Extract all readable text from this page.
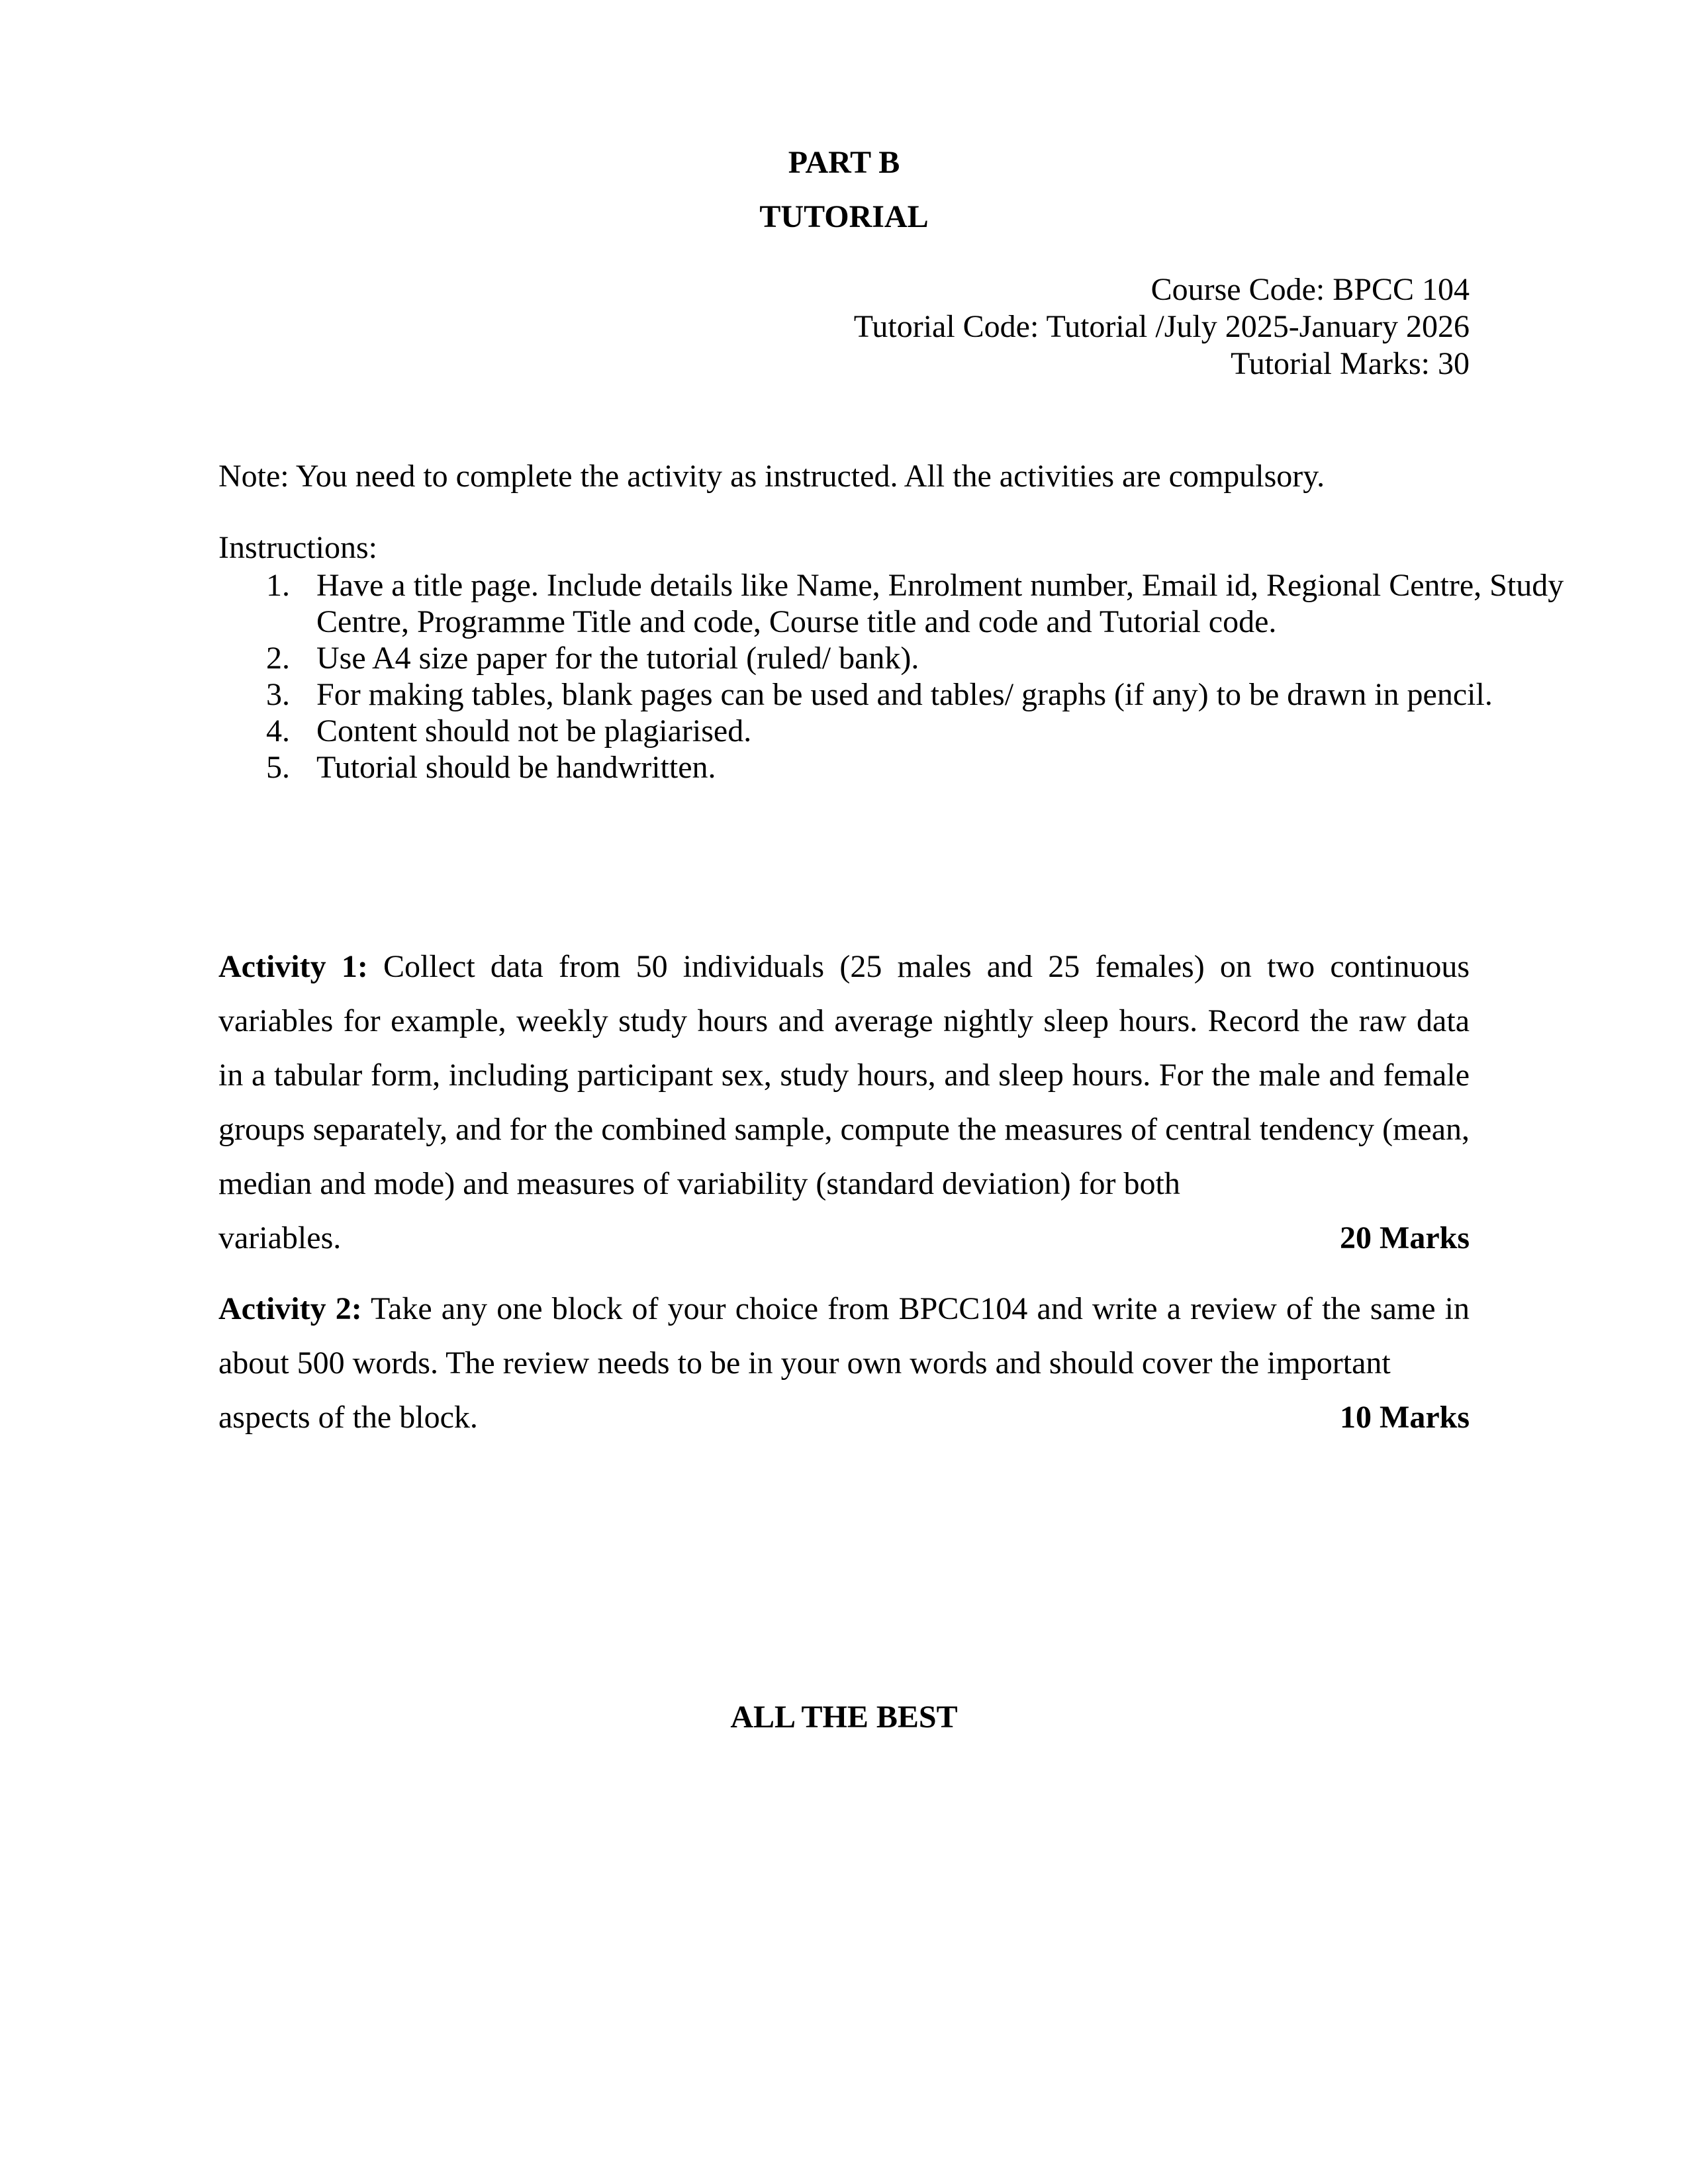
PART B
TUTORIAL
Course Code: BPCC 104
Tutorial Code: Tutorial /July 2025-January 2026
Tutorial Marks: 30
Note: You need to complete the activity as instructed. All the activities are compulsory.
Instructions:
1. Have a title page. Include details like Name, Enrolment number, Email id, Regional Centre, Study Centre, Programme Title and code, Course title and code and Tutorial code.
2. Use A4 size paper for the tutorial (ruled/ bank).
3. For making tables, blank pages can be used and tables/ graphs (if any) to be drawn in pencil.
4. Content should not be plagiarised.
5. Tutorial should be handwritten.
Activity 1: Collect data from 50 individuals (25 males and 25 females) on two continuous variables for example, weekly study hours and average nightly sleep hours. Record the raw data in a tabular form, including participant sex, study hours, and sleep hours. For the male and female groups separately, and for the combined sample, compute the measures of central tendency (mean, median and mode) and measures of variability (standard deviation) for both
variables.	20 Marks
Activity 2: Take any one block of your choice from BPCC104 and write a review of the same in about 500 words. The review needs to be in your own words and should cover the important
aspects of the block.	10 Marks
ALL THE BEST
